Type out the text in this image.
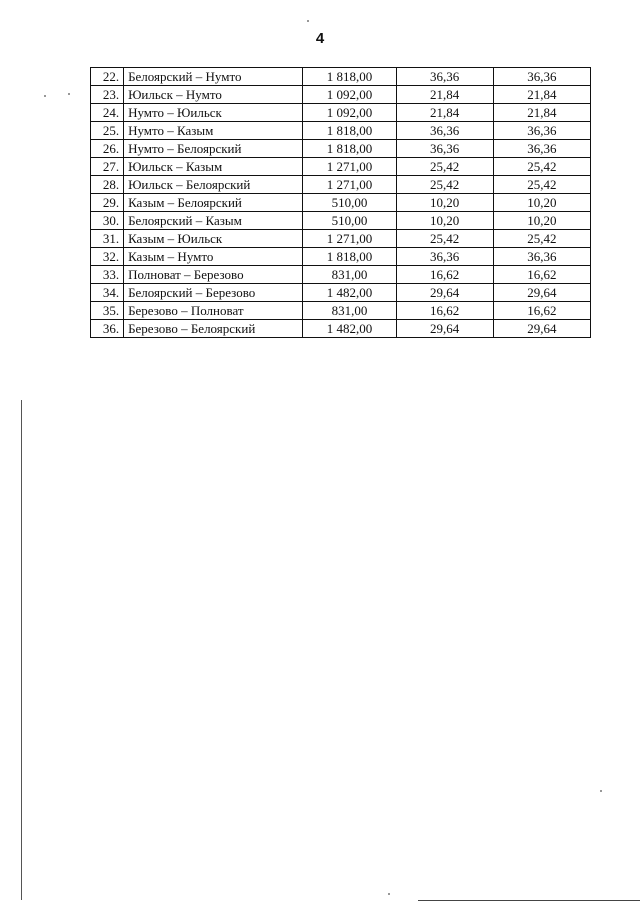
4
22.	Белоярский – Нумто	1 818,00	36,36	36,36
23.	Юильск – Нумто	1 092,00	21,84	21,84
24.	Нумто – Юильск	1 092,00	21,84	21,84
25.	Нумто – Казым	1 818,00	36,36	36,36
26.	Нумто – Белоярский	1 818,00	36,36	36,36
27.	Юильск – Казым	1 271,00	25,42	25,42
28.	Юильск – Белоярский	1 271,00	25,42	25,42
29.	Казым – Белоярский	510,00	10,20	10,20
30.	Белоярский – Казым	510,00	10,20	10,20
31.	Казым – Юильск	1 271,00	25,42	25,42
32.	Казым – Нумто	1 818,00	36,36	36,36
33.	Полноват – Березово	831,00	16,62	16,62
34.	Белоярский – Березово	1 482,00	29,64	29,64
35.	Березово – Полноват	831,00	16,62	16,62
36.	Березово – Белоярский	1 482,00	29,64	29,64
